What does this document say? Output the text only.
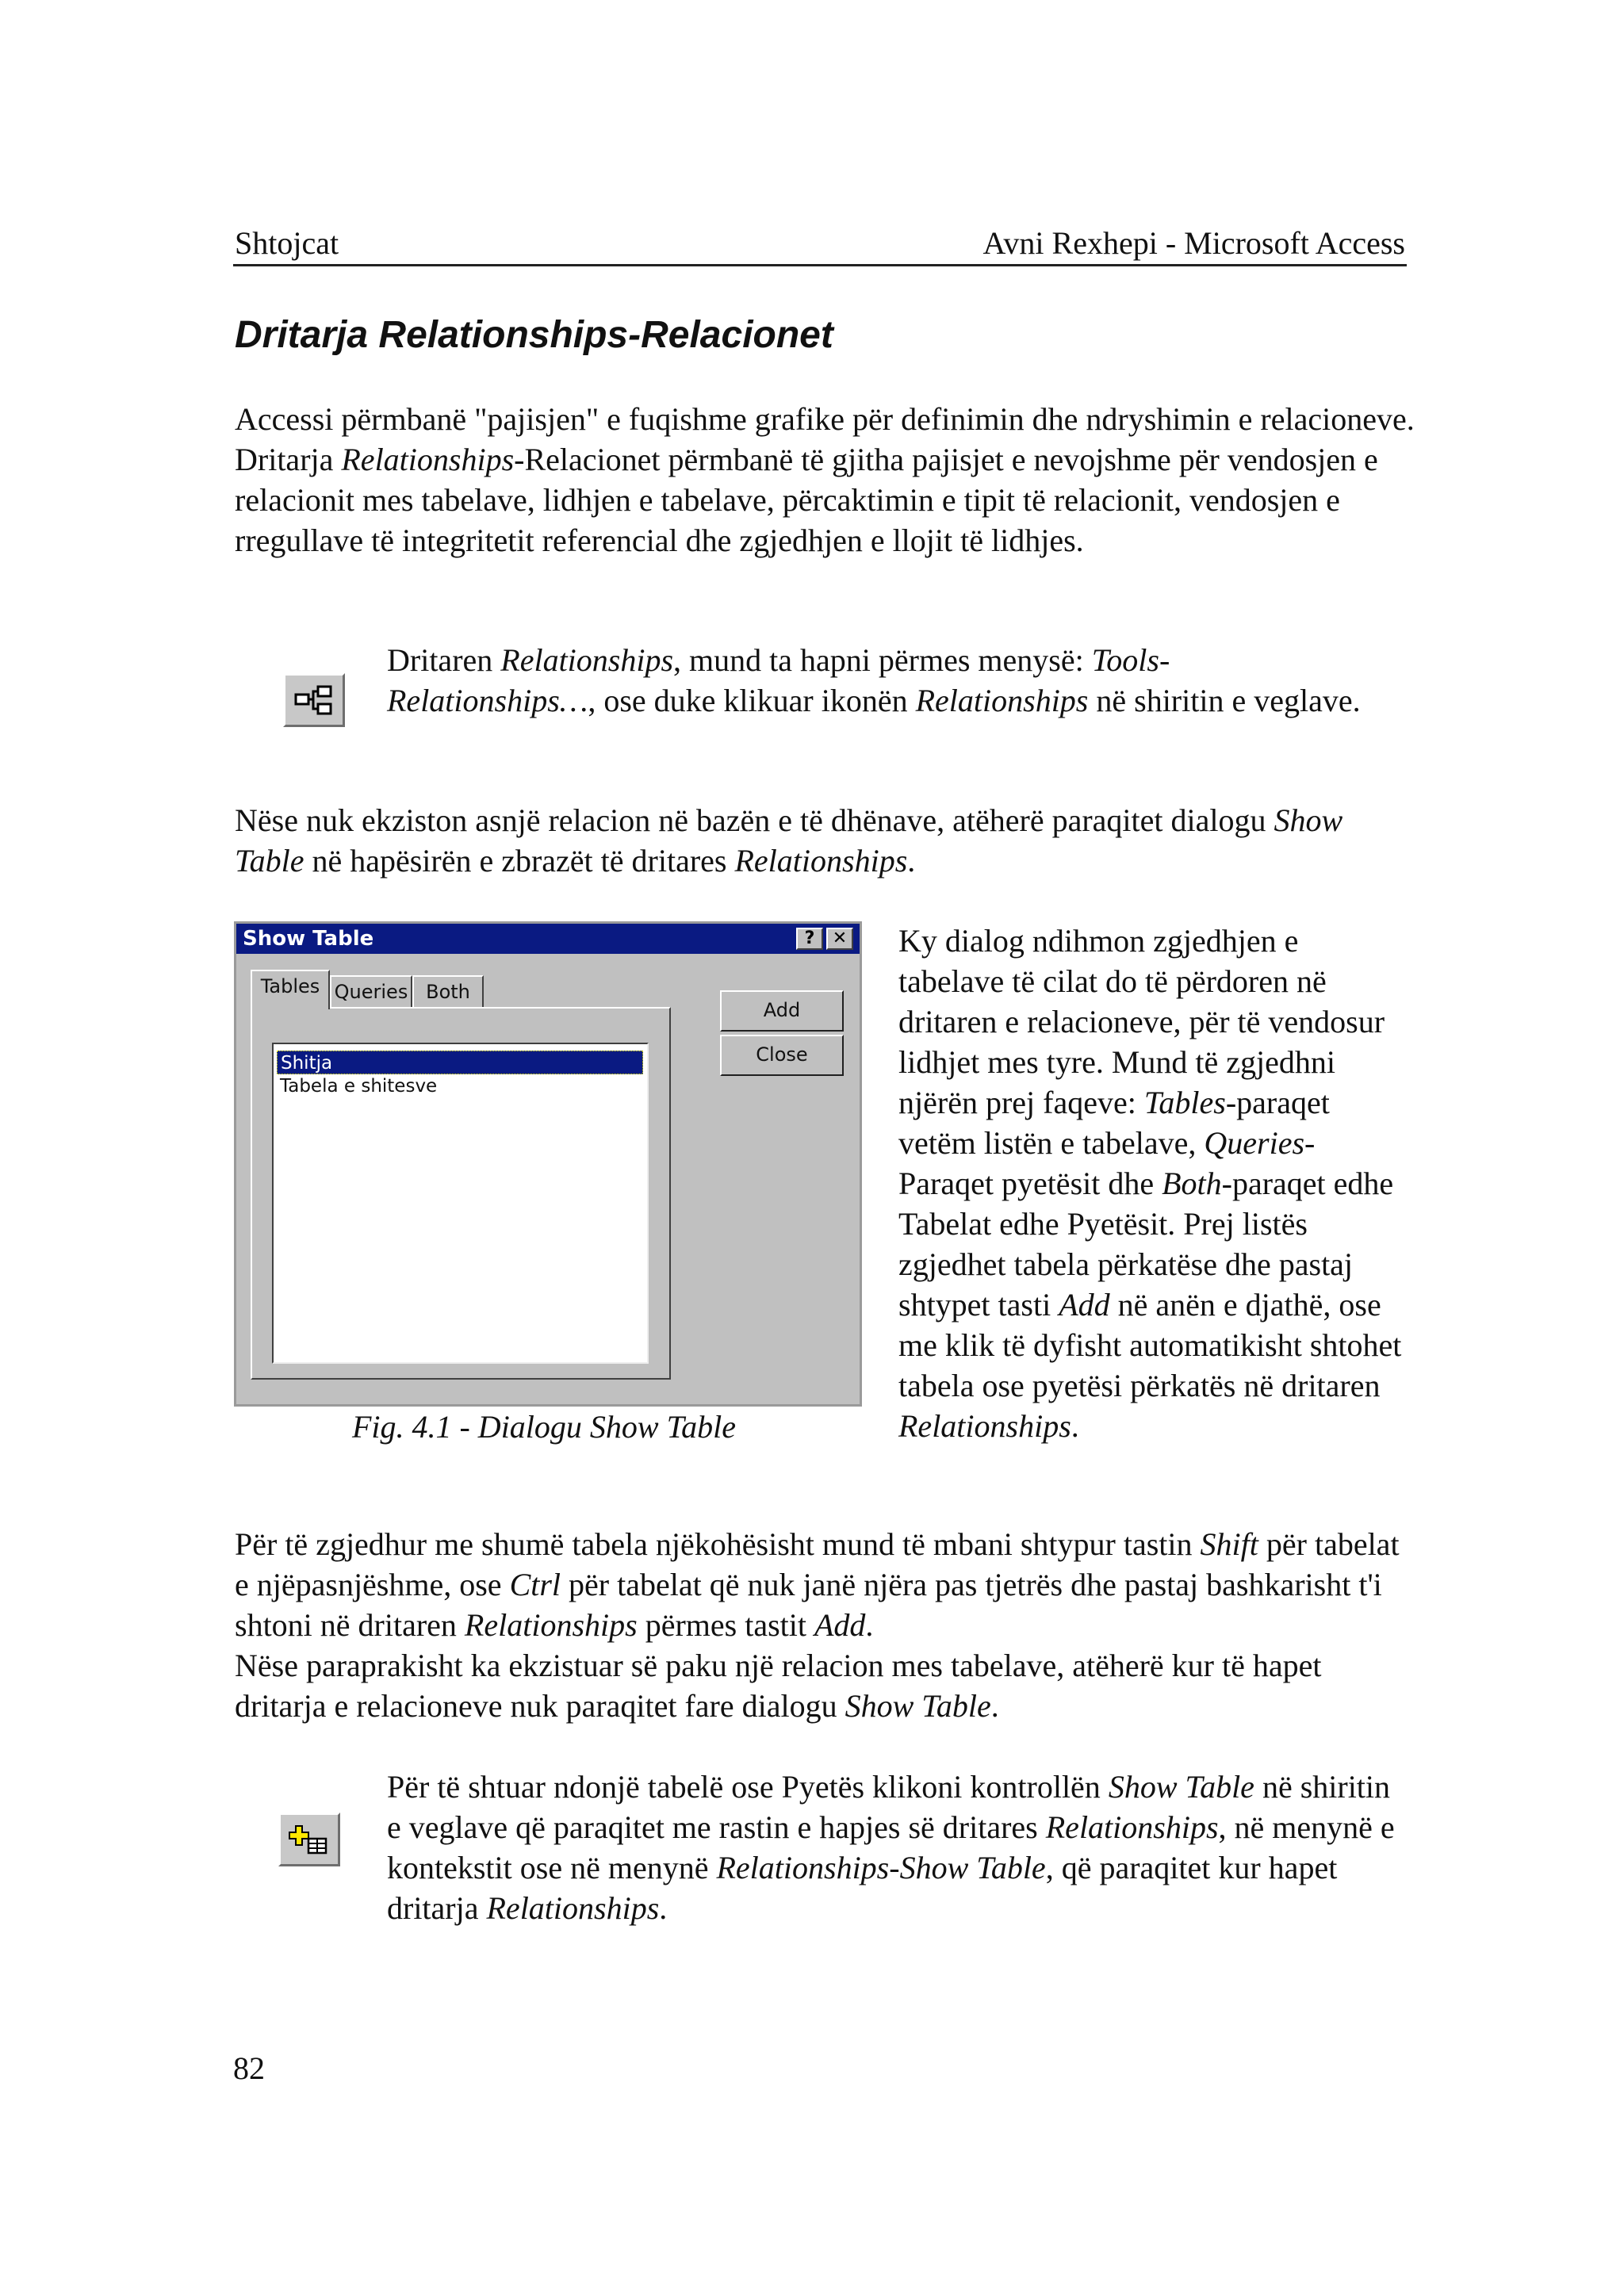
Shtojcat	Avni Rexhepi - Microsoft Access
Dritarja Relationships-Relacionet
Accessi përmbanë "pajisjen" e fuqishme grafike për definimin dhe ndryshimin e relacioneve. Dritarja Relationships-Relacionet përmbanë të gjitha pajisjet e nevojshme për vendosjen e relacionit mes tabelave, lidhjen e tabelave, përcaktimin e tipit të relacionit, vendosjen e rregullave të integritetit referencial dhe zgjedhjen e llojit të lidhjes.
Dritaren Relationships, mund ta hapni përmes menysë: Tools-Relationships…, ose duke klikuar ikonën Relationships në shiritin e veglave.
Nëse nuk ekziston asnjë relacion në bazën e të dhënave, atëherë paraqitet dialogu Show Table në hapësirën e zbrazët të dritares Relationships.
Show Table	?	✕
Tables Queries Both
Shitja
Tabela e shitesve
Add
Close
Fig. 4.1 - Dialogu Show Table
Ky dialog ndihmon zgjedhjen e tabelave të cilat do të përdoren në dritaren e relacioneve, për të vendosur lidhjet mes tyre. Mund të zgjedhni njërën prej faqeve: Tables-paraqet vetëm listën e tabelave, Queries-Paraqet pyetësit dhe Both-paraqet edhe Tabelat edhe Pyetësit. Prej listës zgjedhet tabela përkatëse dhe pastaj shtypet tasti Add në anën e djathë, ose me klik të dyfisht automatikisht shtohet tabela ose pyetësi përkatës në dritaren Relationships.
Për të zgjedhur me shumë tabela njëkohësisht mund të mbani shtypur tastin Shift për tabelat e njëpasnjëshme, ose Ctrl për tabelat që nuk janë njëra pas tjetrës dhe pastaj bashkarisht t'i shtoni në dritaren Relationships përmes tastit Add.
Nëse paraprakisht ka ekzistuar së paku një relacion mes tabelave, atëherë kur të hapet dritarja e relacioneve nuk paraqitet fare dialogu Show Table.
Për të shtuar ndonjë tabelë ose Pyetës klikoni kontrollën Show Table në shiritin e veglave që paraqitet me rastin e hapjes së dritares Relationships, në menynë e kontekstit ose në menynë Relationships-Show Table, që paraqitet kur hapet dritarja Relationships.
82
